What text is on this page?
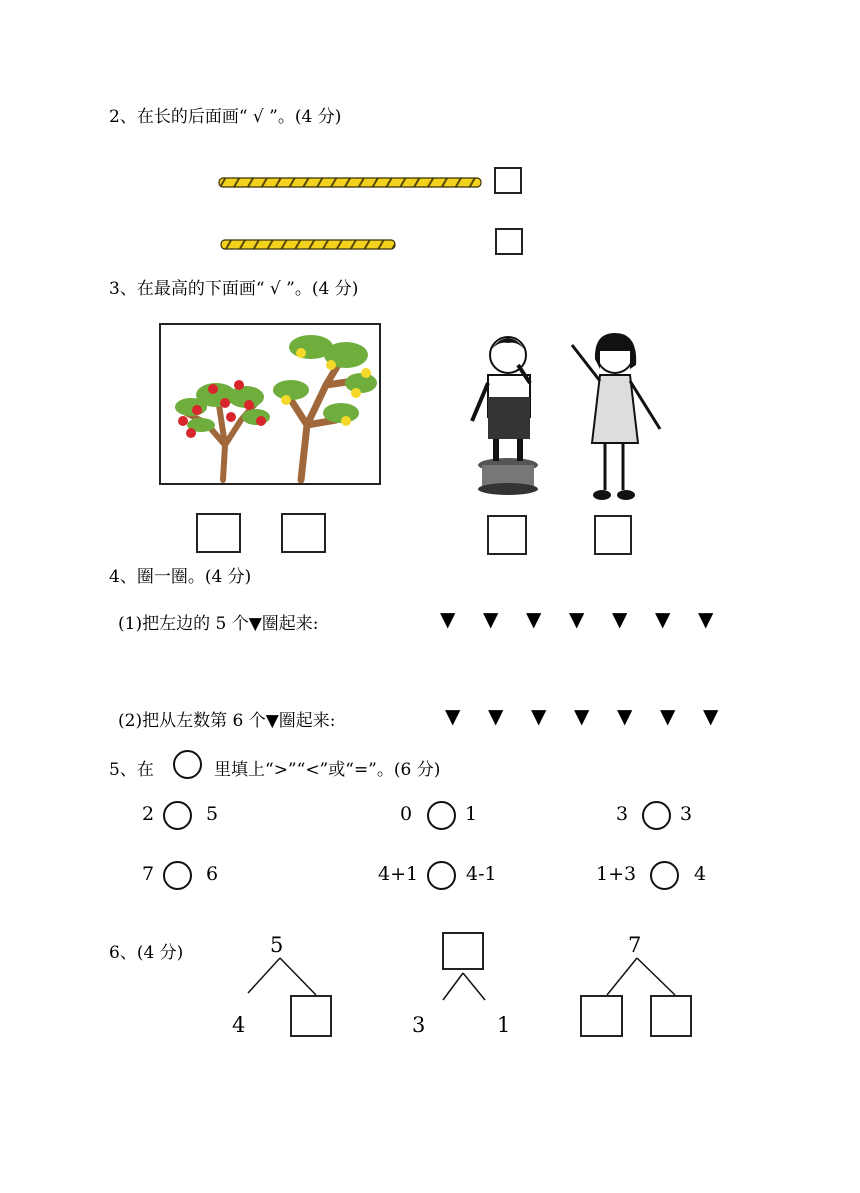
2、在长的后面画“ √ ”。(4 分)
3、在最高的下面画“ √ ”。(4 分)
4、圈一圈。(4 分)
(1)把左边的 5 个▼圈起来:	▼ ▼ ▼ ▼ ▼ ▼ ▼
(2)把从左数第 6 个▼圈起来:	▼ ▼ ▼ ▼ ▼ ▼ ▼
5、在	里填上“>”“<”或“=”。(6 分)
2	5	0	1	3	3
7	6	4+1	4-1	1+3	4
6、(4 分)	5
4	3	1
7
